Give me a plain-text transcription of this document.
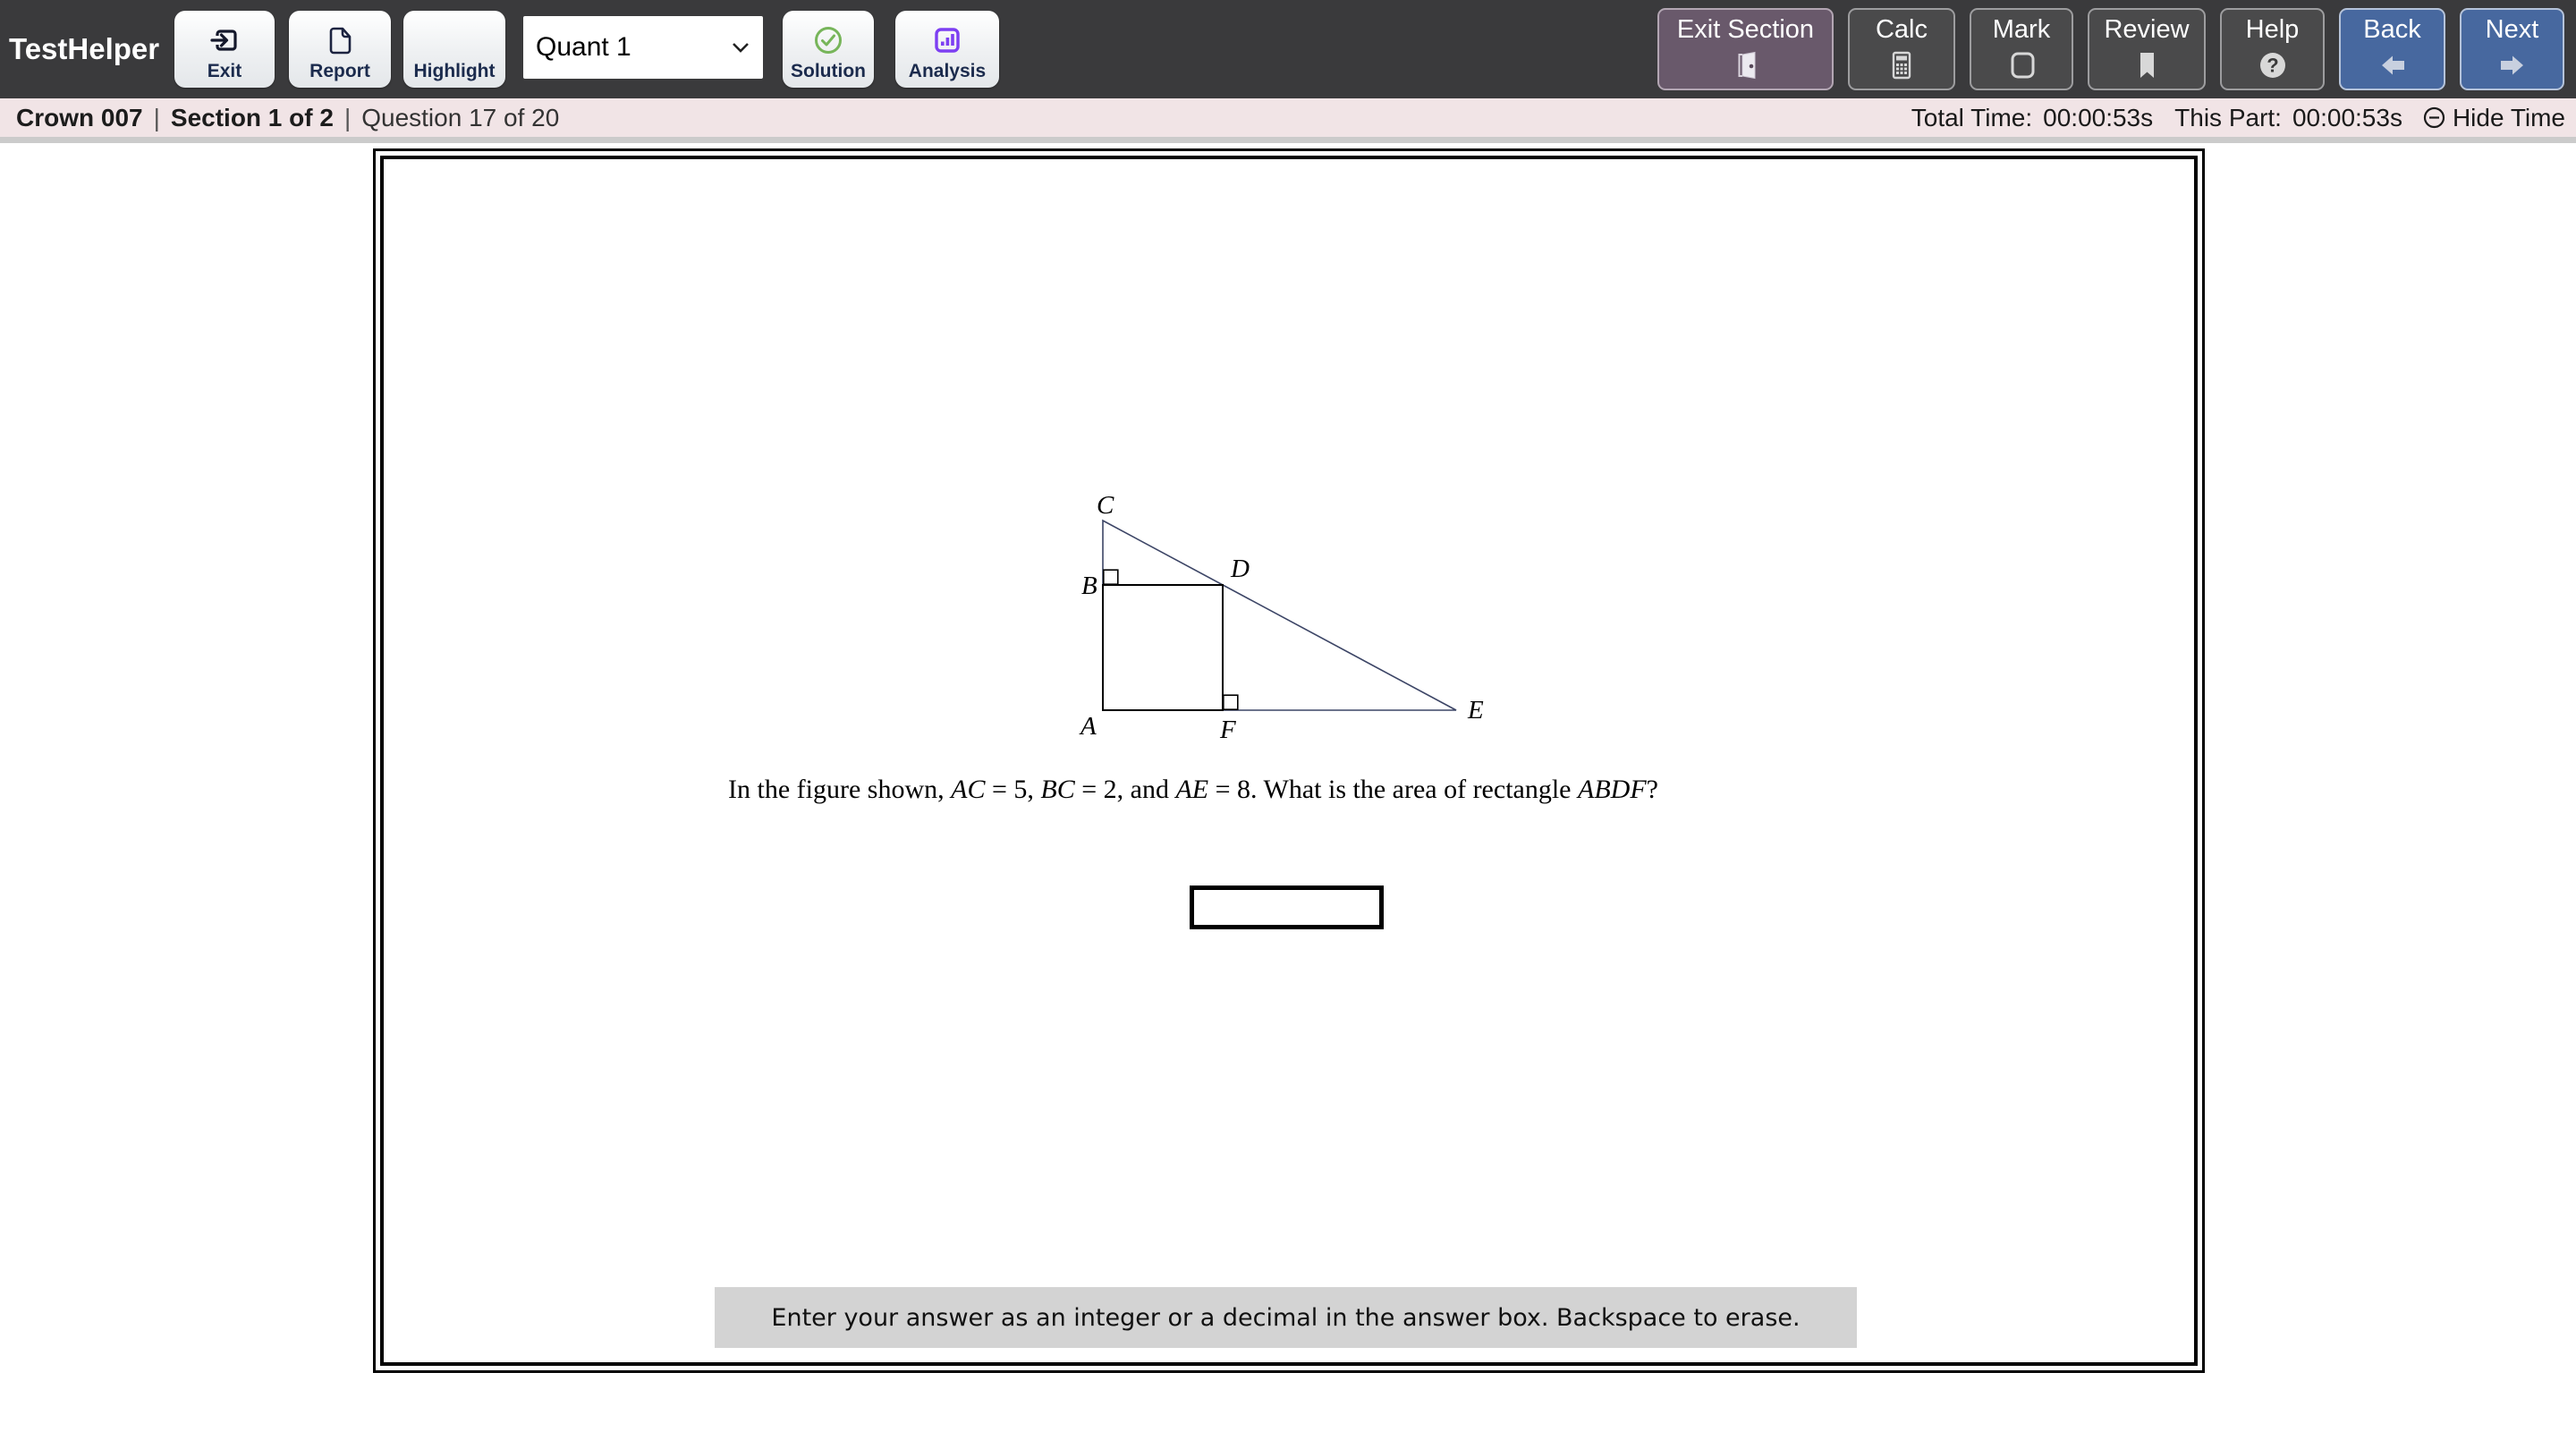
TestHelper
Exit	Report Highlight
Quant 1
Solution Analysis
Exit Section Calc	Mark Review Help
?
Back Next
Crown 007 | Section 1 of 2 | Question 17 of 20	Total Time: 00:00:53s This Part: 00:00:53s Hide Time
C
B
A
D
F
E
In the figure shown, AC = 5, BC = 2, and AE = 8. What is the area of rectangle ABDF?
Enter your answer as an integer or a decimal in the answer box. Backspace to erase.
